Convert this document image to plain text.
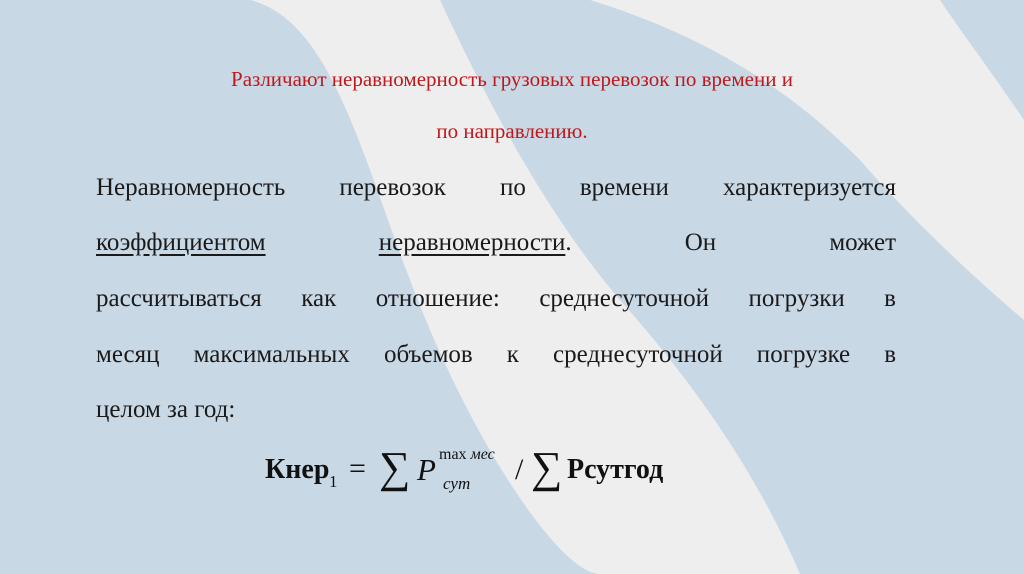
Различают неравномерность грузовых перевозок по времени и

по направлению.

Неравномерность перевозок по времени характеризуется
коэффициентом	неравномерности.	Он	может
рассчитываться как отношение: среднесуточной погрузки в
месяц максимальных объемов к среднесуточной погрузке в
целом за год:
Кнер 1 = ∑ P max мес
сут / ∑ Рсутгод
